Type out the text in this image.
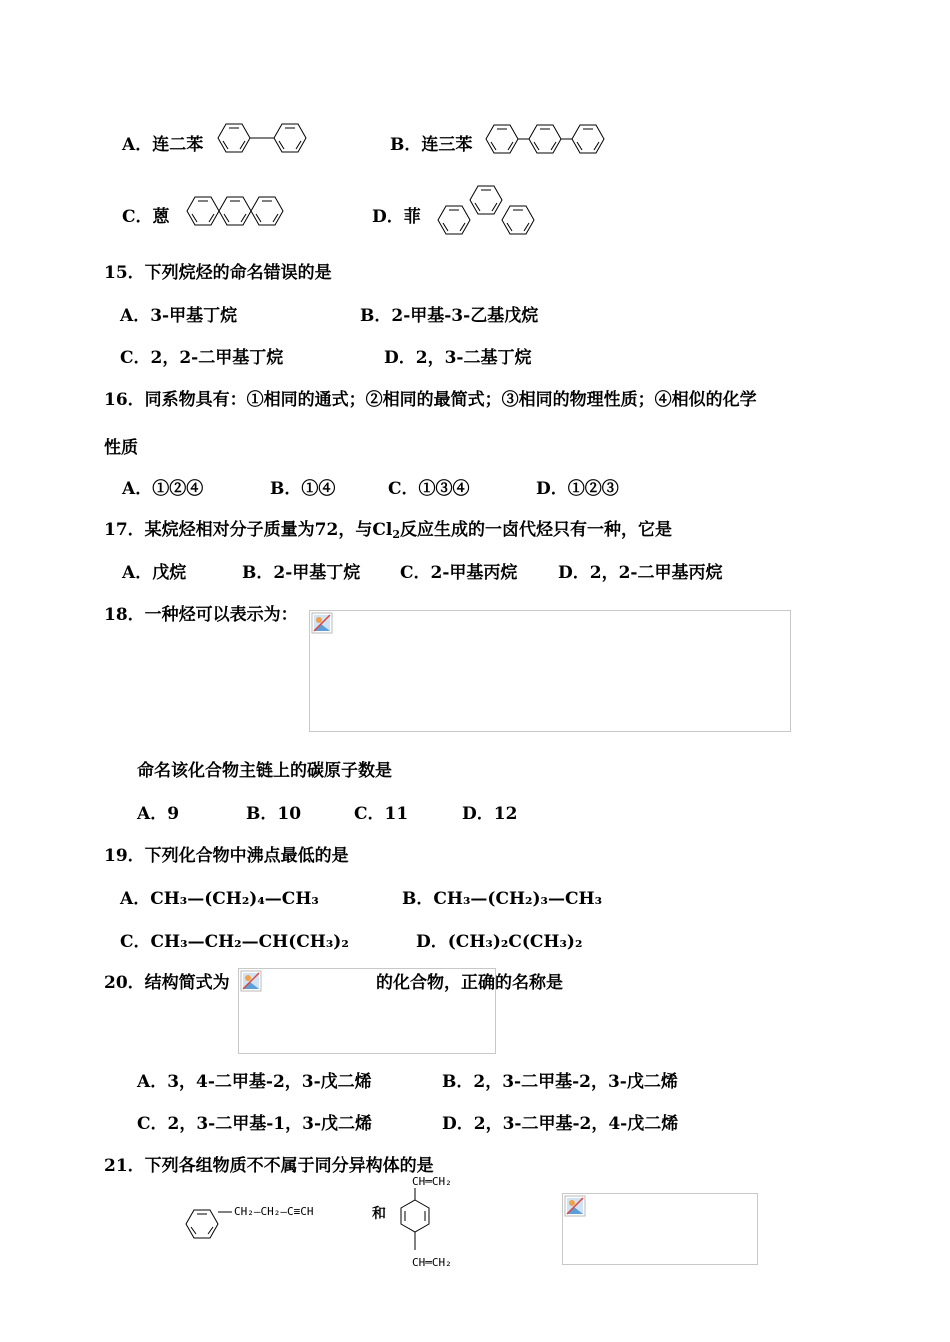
A．连二苯	B．连三苯
C．蒽	D．菲
15．下列烷烃的命名错误的是
A．3-甲基丁烷	B．2-甲基-3-乙基戊烷
C．2，2-二甲基丁烷	D．2，3-二基丁烷
16．同系物具有：①相同的通式；②相同的最简式；③相同的物理性质；④相似的化学
性质
A．①②④	B．①④	C．①③④	D．①②③
17．某烷烃相对分子质量为72，与$Cl_2$反应生成的一卤代烃只有一种，它是
A．戊烷	B．2-甲基丁烷 C．2-甲基丙烷 D．2，2-二甲基丙烷
18．一种烃可以表示为：
命名该化合物主链上的碳原子数是
A．9	B．10	C．11	D．12
19．下列化合物中沸点最低的是
A．CH₃—(CH₂)₄—CH₃	B．CH₃—(CH₂)₃—CH₃
C．CH₃—CH₂—CH(CH₃)₂	D．(CH₃)₂C(CH₃)₂
20．结构简式为	的化合物，正确的名称是
A．3，4-二甲基-2，3-戊二烯	B．2，3-二甲基-2，3-戊二烯
C．2，3-二甲基-1，3-戊二烯	D．2，3-二甲基-2，4-戊二烯
21．下列各组物质不不属于同分异构体的是
CH₂—CH₂—C≡CH	和
CH═CH₂
CH═CH₂
